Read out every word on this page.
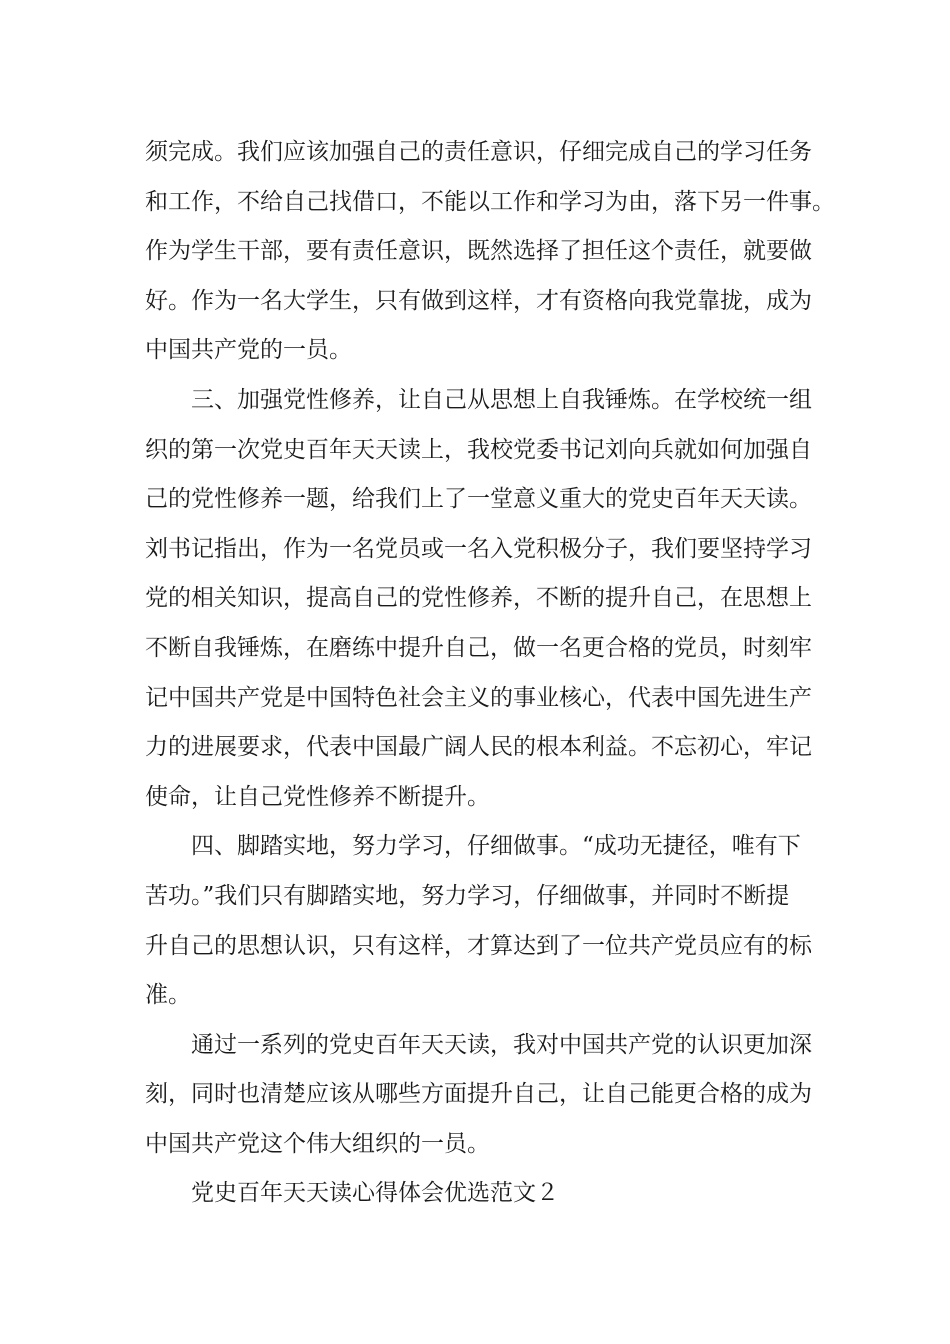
须完成。我们应该加强自己的责任意识，仔细完成自己的学习任务
和工作，不给自己找借口，不能以工作和学习为由，落下另一件事。
作为学生干部，要有责任意识，既然选择了担任这个责任，就要做
好。作为一名大学生，只有做到这样，才有资格向我党靠拢，成为
中国共产党的一员。

三、加强党性修养，让自己从思想上自我锤炼。在学校统一组
织的第一次党史百年天天读上，我校党委书记刘向兵就如何加强自
己的党性修养一题，给我们上了一堂意义重大的党史百年天天读。
刘书记指出，作为一名党员或一名入党积极分子，我们要坚持学习
党的相关知识，提高自己的党性修养，不断的提升自己，在思想上
不断自我锤炼，在磨练中提升自己，做一名更合格的党员，时刻牢
记中国共产党是中国特色社会主义的事业核心，代表中国先进生产
力的进展要求，代表中国最广阔人民的根本利益。不忘初心，牢记
使命，让自己党性修养不断提升。

四、脚踏实地，努力学习，仔细做事。“成功无捷径，唯有下
苦功。”我们只有脚踏实地，努力学习，仔细做事，并同时不断提
升自己的思想认识，只有这样，才算达到了一位共产党员应有的标
准。

通过一系列的党史百年天天读，我对中国共产党的认识更加深
刻，同时也清楚应该从哪些方面提升自己，让自己能更合格的成为
中国共产党这个伟大组织的一员。

党史百年天天读心得体会优选范文２
